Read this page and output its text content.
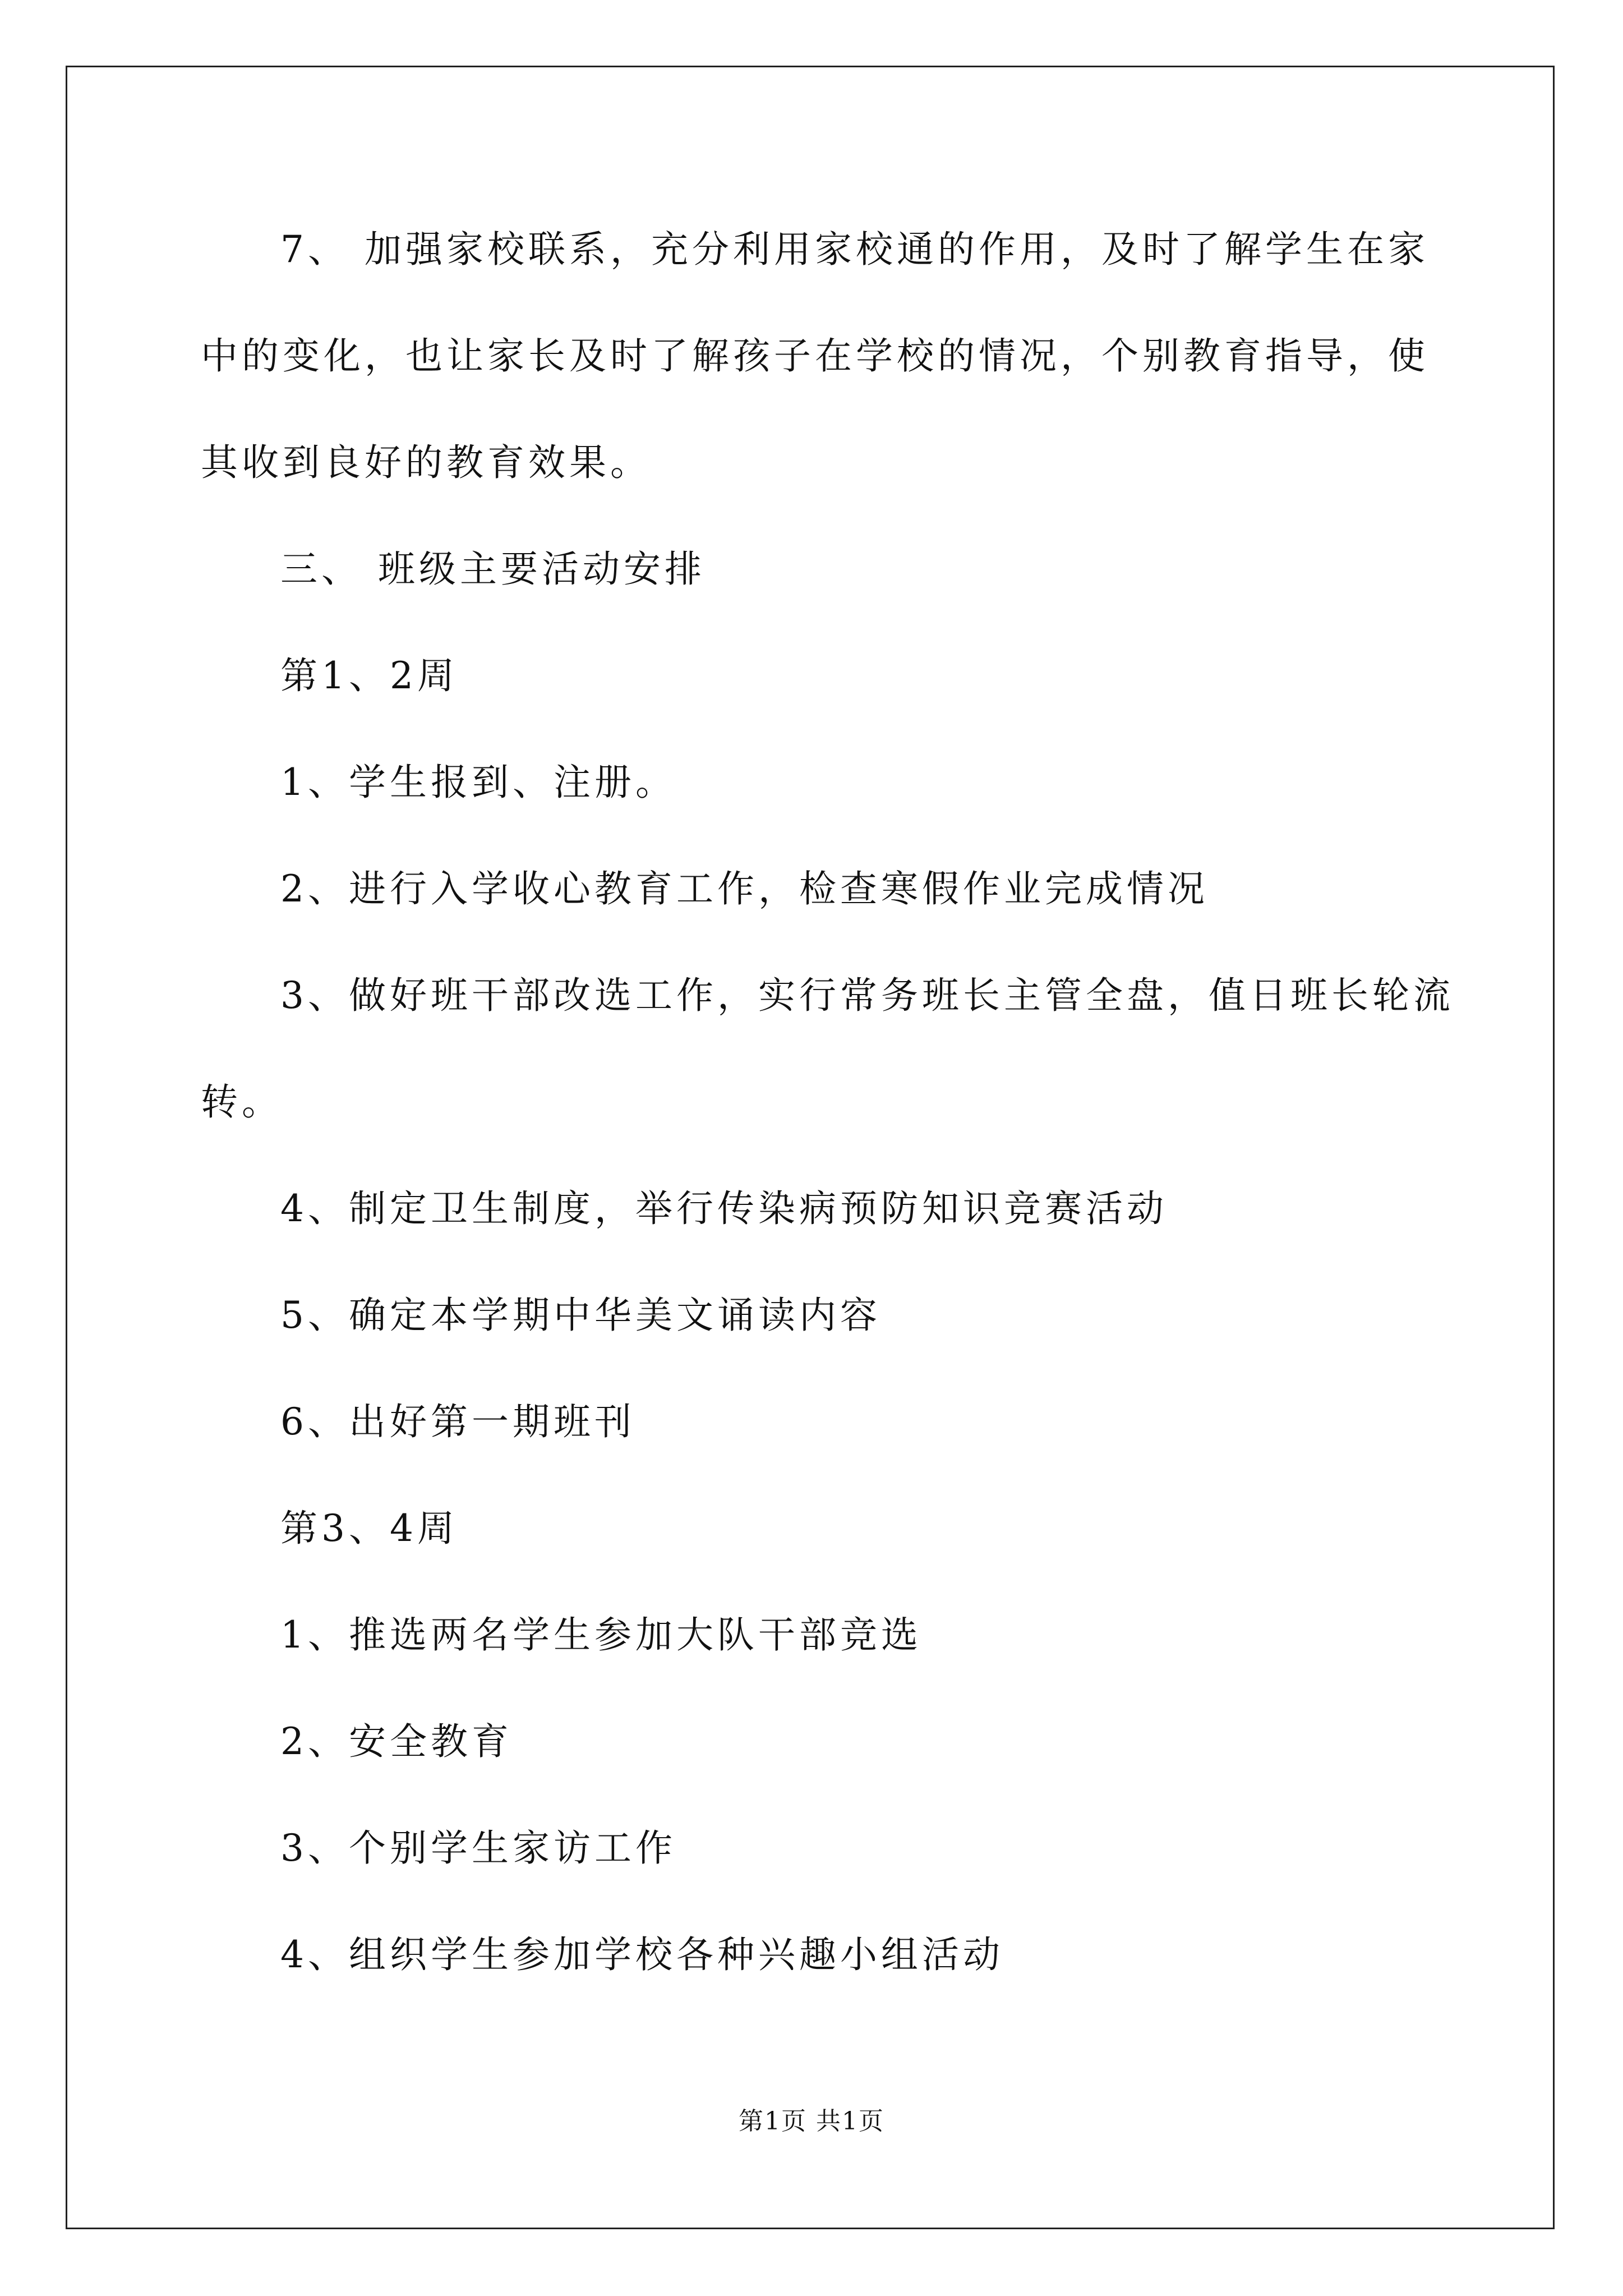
7、 加强家校联系，充分利用家校通的作用，及时了解学生在家
中的变化，也让家长及时了解孩子在学校的情况，个别教育指导，使
其收到良好的教育效果。
三、 班级主要活动安排
第1、2周
1、学生报到、注册。
2、进行入学收心教育工作，检查寒假作业完成情况
3、做好班干部改选工作，实行常务班长主管全盘，值日班长轮流
转。
4、制定卫生制度，举行传染病预防知识竞赛活动
5、确定本学期中华美文诵读内容
6、出好第一期班刊
第3、4周
1、推选两名学生参加大队干部竞选
2、安全教育
3、个别学生家访工作
4、组织学生参加学校各种兴趣小组活动
第1页 共1页
